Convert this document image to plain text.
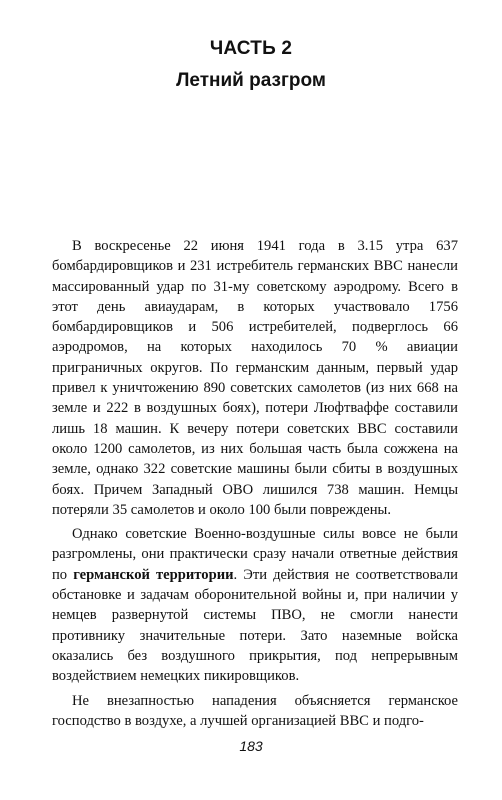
ЧАСТЬ 2
Летний разгром

В воскресенье 22 июня 1941 года в 3.15 утра 637 бомбардировщиков и 231 истребитель германских ВВС нанесли массированный удар по 31-му советскому аэродрому. Всего в этот день авиаударам, в которых участвовало 1756 бомбардировщиков и 506 истребителей, подверглось 66 аэродромов, на которых находилось 70 % авиации приграничных округов. По германским данным, первый удар привел к уничтожению 890 советских самолетов (из них 668 на земле и 222 в воздушных боях), потери Люфтваффе составили лишь 18 машин. К вечеру потери советских ВВС составили около 1200 самолетов, из них большая часть была сожжена на земле, однако 322 советские машины были сбиты в воздушных боях. Причем Западный ОВО лишился 738 машин. Немцы потеряли 35 самолетов и около 100 были повреждены.

Однако советские Военно-воздушные силы вовсе не были разгромлены, они практически сразу начали ответные действия по германской территории. Эти действия не соответствовали обстановке и задачам оборонительной войны и, при наличии у немцев развернутой системы ПВО, не смогли нанести противнику значительные потери. Зато наземные войска оказались без воздушного прикрытия, под непрерывным воздействием немецких пикировщиков.

Не внезапностью нападения объясняется германское господство в воздухе, а лучшей организацией ВВС и подго-

183
